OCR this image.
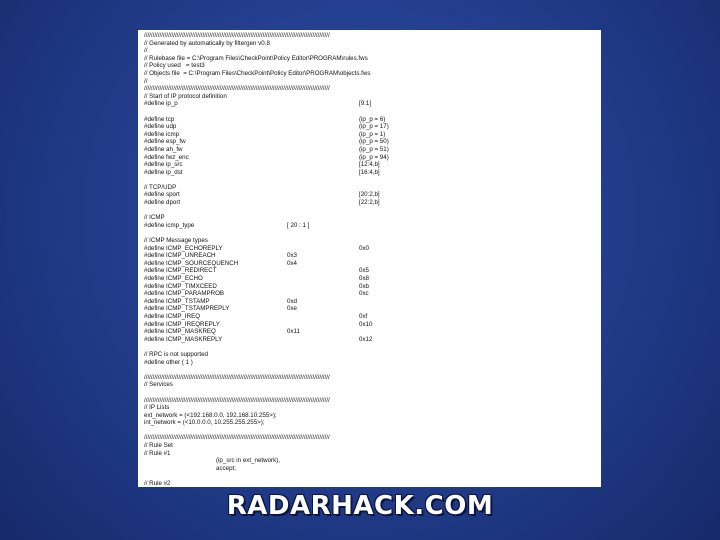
////////////////////////////////////////////////////////////////////////////////////////////////////////////
// Generated by automatically by filtergen v0.8
//
// Rulebase file = C:\Program Files\CheckPoint\Policy Editor\PROGRAM\rules.fws
// Policy used   = test3
// Objects file  = C:\Program Files\CheckPoint\Policy Editor\PROGRAM\objects.fws
//
////////////////////////////////////////////////////////////////////////////////////////////////////////////
// Start of IP protocol definition
#define ip_p	[9:1]
#define tcp	(ip_p = 6)
#define udp	(ip_p = 17)
#define icmp	(ip_p = 1)
#define esp_fw	(ip_p = 50)
#define ah_fw	(ip_p = 51)
#define fwz_enc	(ip_p = 94)
#define ip_src	[12:4,b]
#define ip_dst	[16:4,b]
// TCP/UDP
#define sport	[20:2,b]
#define dport	[22:2,b]
// ICMP
#define icmp_type	[ 20 : 1 ]
// ICMP Message types
#define ICMP_ECHOREPLY	0x0
#define ICMP_UNREACH	0x3
#define ICMP_SOURCEQUENCH	0x4
#define ICMP_REDIRECT	0x5
#define ICMP_ECHO	0x8
#define ICMP_TIMXCEED	0xb
#define ICMP_PARAMPROB	0xc
#define ICMP_TSTAMP	0xd
#define ICMP_TSTAMPREPLY	0xe
#define ICMP_IREQ	0xf
#define ICMP_IREQREPLY	0x10
#define ICMP_MASKREQ	0x11
#define ICMP_MASKREPLY	0x12
// RPC is not supported
#define other ( 1 )
////////////////////////////////////////////////////////////////////////////////////////////////////////////
// Services
////////////////////////////////////////////////////////////////////////////////////////////////////////////
// IP Lists
ext_network = (<192.168.0.0, 192.168.10.255>);
int_network = (<10.0.0.0, 10.255.255.255>);
////////////////////////////////////////////////////////////////////////////////////////////////////////////
// Rule Set
// Rule #1
(ip_src in ext_network),
accept;
// Rule #2
RADARHACK.COM
